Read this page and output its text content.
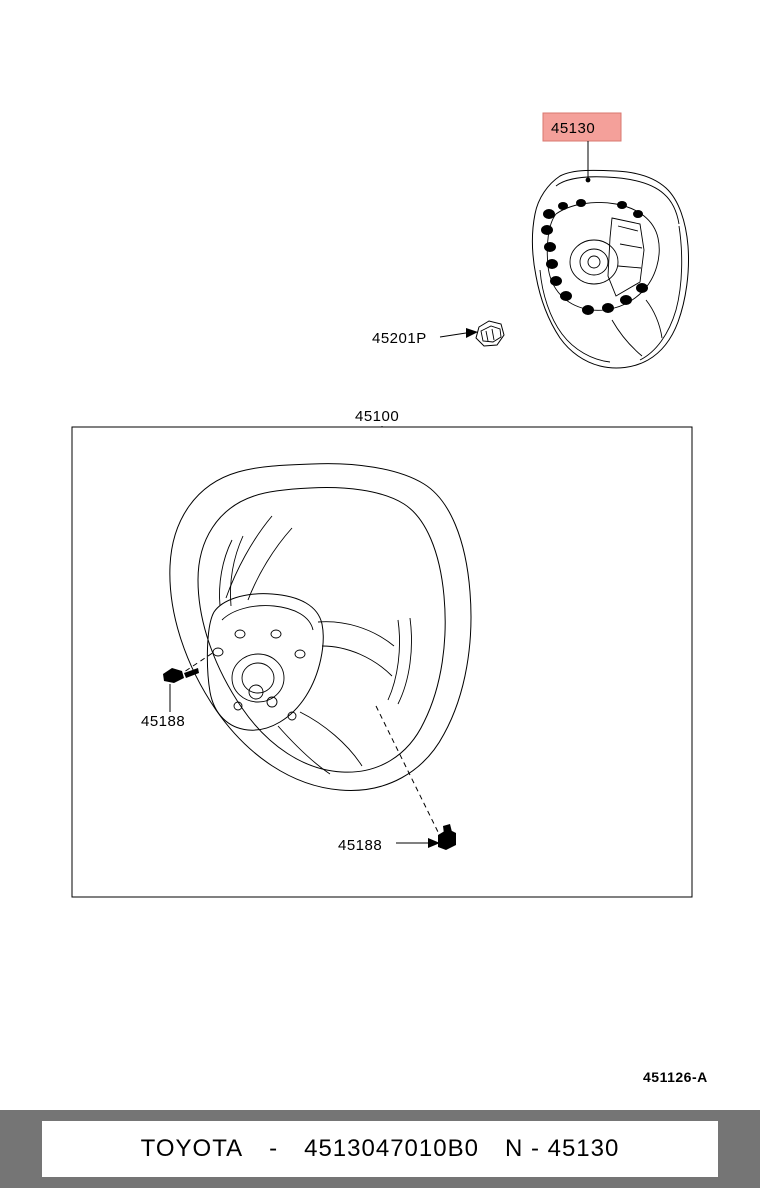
45130
45201P
45100
45188
45188
451126-A
TOYOTA - 4513047010B0 N - 45130
